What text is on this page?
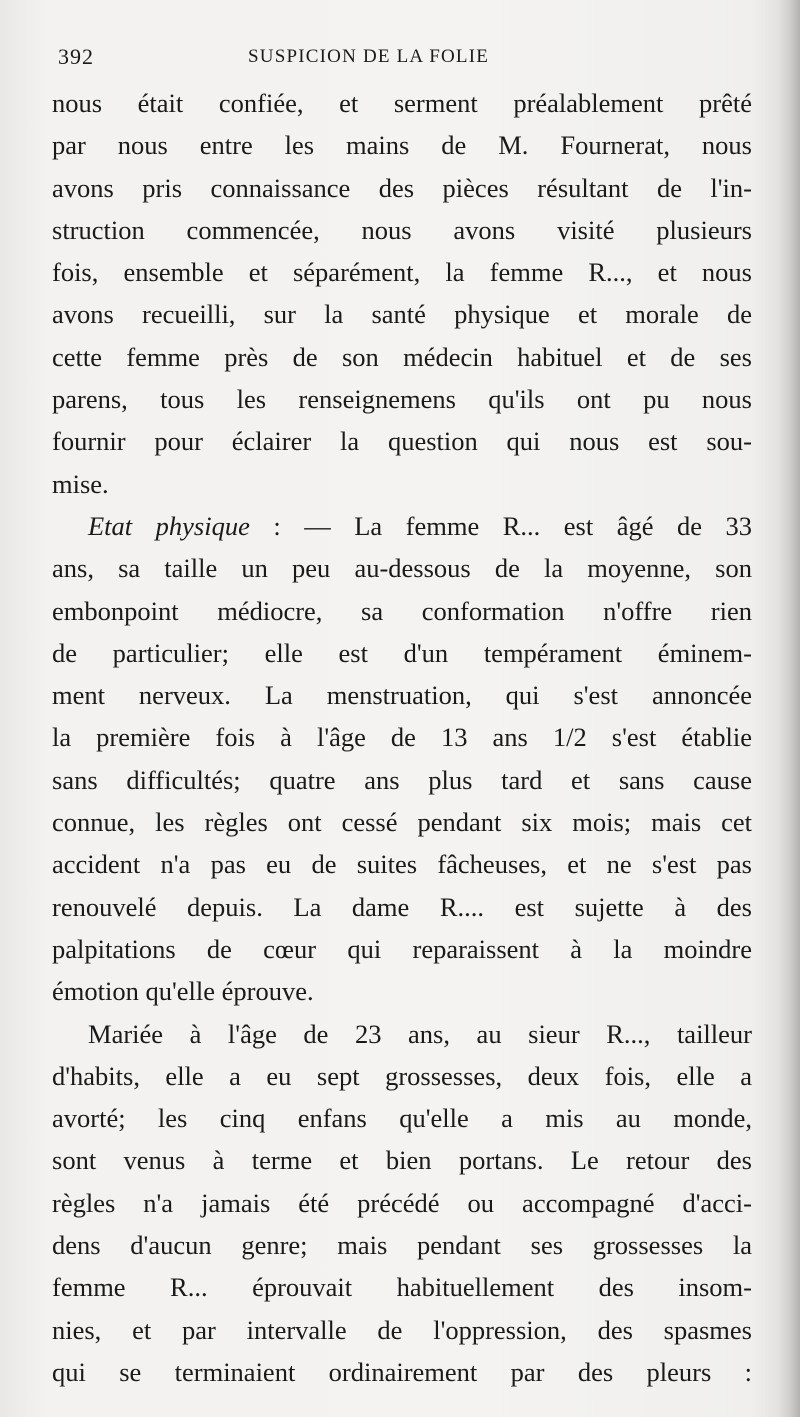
392	SUSPICION DE LA FOLIE
nous était confiée, et serment préalablement prêté
par nous entre les mains de M. Fournerat, nous
avons pris connaissance des pièces résultant de l'in-
struction commencée, nous avons visité plusieurs
fois, ensemble et séparément, la femme R..., et nous
avons recueilli, sur la santé physique et morale de
cette femme près de son médecin habituel et de ses
parens, tous les renseignemens qu'ils ont pu nous
fournir pour éclairer la question qui nous est sou-
mise.
Etat physique : — La femme R... est âgé de 33
ans, sa taille un peu au-dessous de la moyenne, son
embonpoint médiocre, sa conformation n'offre rien
de particulier; elle est d'un tempérament éminem-
ment nerveux. La menstruation, qui s'est annoncée
la première fois à l'âge de 13 ans 1/2 s'est établie
sans difficultés; quatre ans plus tard et sans cause
connue, les règles ont cessé pendant six mois; mais cet
accident n'a pas eu de suites fâcheuses, et ne s'est pas
renouvelé depuis. La dame R.... est sujette à des
palpitations de cœur qui reparaissent à la moindre
émotion qu'elle éprouve.
Mariée à l'âge de 23 ans, au sieur R..., tailleur
d'habits, elle a eu sept grossesses, deux fois, elle a
avorté; les cinq enfans qu'elle a mis au monde,
sont venus à terme et bien portans. Le retour des
règles n'a jamais été précédé ou accompagné d'acci-
dens d'aucun genre; mais pendant ses grossesses la
femme R... éprouvait habituellement des insom-
nies, et par intervalle de l'oppression, des spasmes
qui se terminaient ordinairement par des pleurs :
